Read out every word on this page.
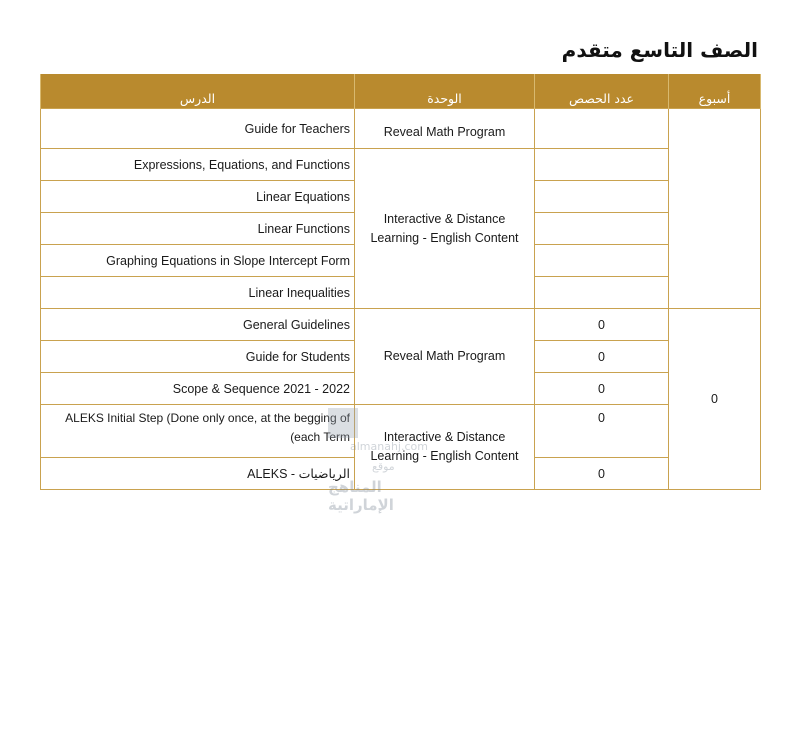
الصف التاسع متقدم
الدرس	الوحدة	عدد الحصص	أسبوع
Guide for Teachers	Reveal Math Program		
Expressions, Equations, and Functions	Interactive & Distance Learning - English Content		
Linear Equations			
Linear Functions			
Graphing Equations in Slope Intercept Form			
Linear Inequalities			
General Guidelines	Reveal Math Program	0	0
Guide for Students		0	
Scope & Sequence 2021 - 2022		0	
ALEKS Initial Step (Done only once, at the begging of (each Term	Interactive & Distance Learning - English Content	0	
ALEKS - الرياضيات		0	
almanahj.com
موقع
المناهج الإماراتية
